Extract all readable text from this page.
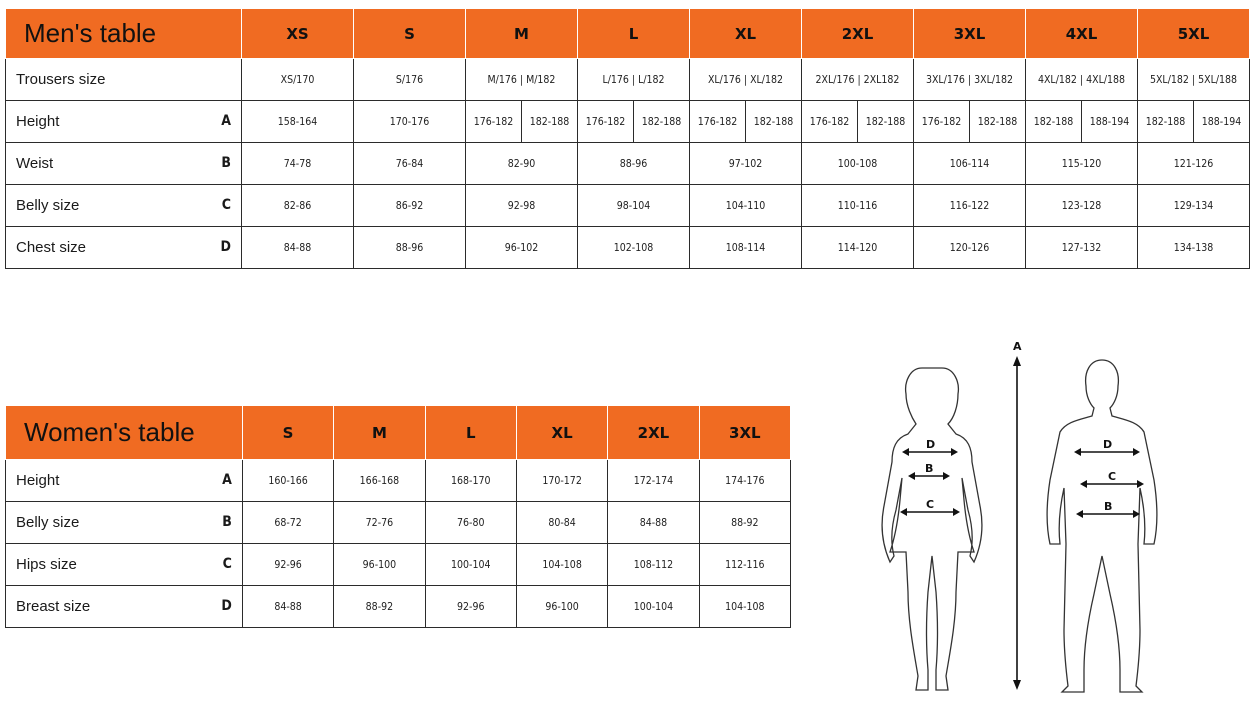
Men's table	XS	S	M		L		XL		2XL		3XL		4XL		5XL	
Trousers size	XS/170	S/176	M/176 | M/182		L/176 | L/182		XL/176 | XL/182		2XL/176 | 2XL182		3XL/176 | 3XL/182		4XL/182 | 4XL/188		5XL/182 | 5XL/188	
Height A	158-164	170-176	176-182	182-188	176-182	182-188	176-182	182-188	176-182	182-188	176-182	182-188	182-188	188-194	182-188	188-194
Weist B	74-78	76-84	82-90		88-96		97-102		100-108		106-114		115-120		121-126	
Belly size C	82-86	86-92	92-98		98-104		104-110		110-116		116-122		123-128		129-134	
Chest size D	84-88	88-96	96-102		102-108		108-114		114-120		120-126		127-132		134-138	
Women's table	S	M	L	XL	2XL	3XL
Height A	160-166	166-168	168-170	170-172	172-174	174-176
Belly size B	68-72	72-76	76-80	80-84	84-88	88-92
Hips size C	92-96	96-100	100-104	104-108	108-112	112-116
Breast size D	84-88	88-92	92-96	96-100	100-104	104-108
A
D
B
C
D
C
B
